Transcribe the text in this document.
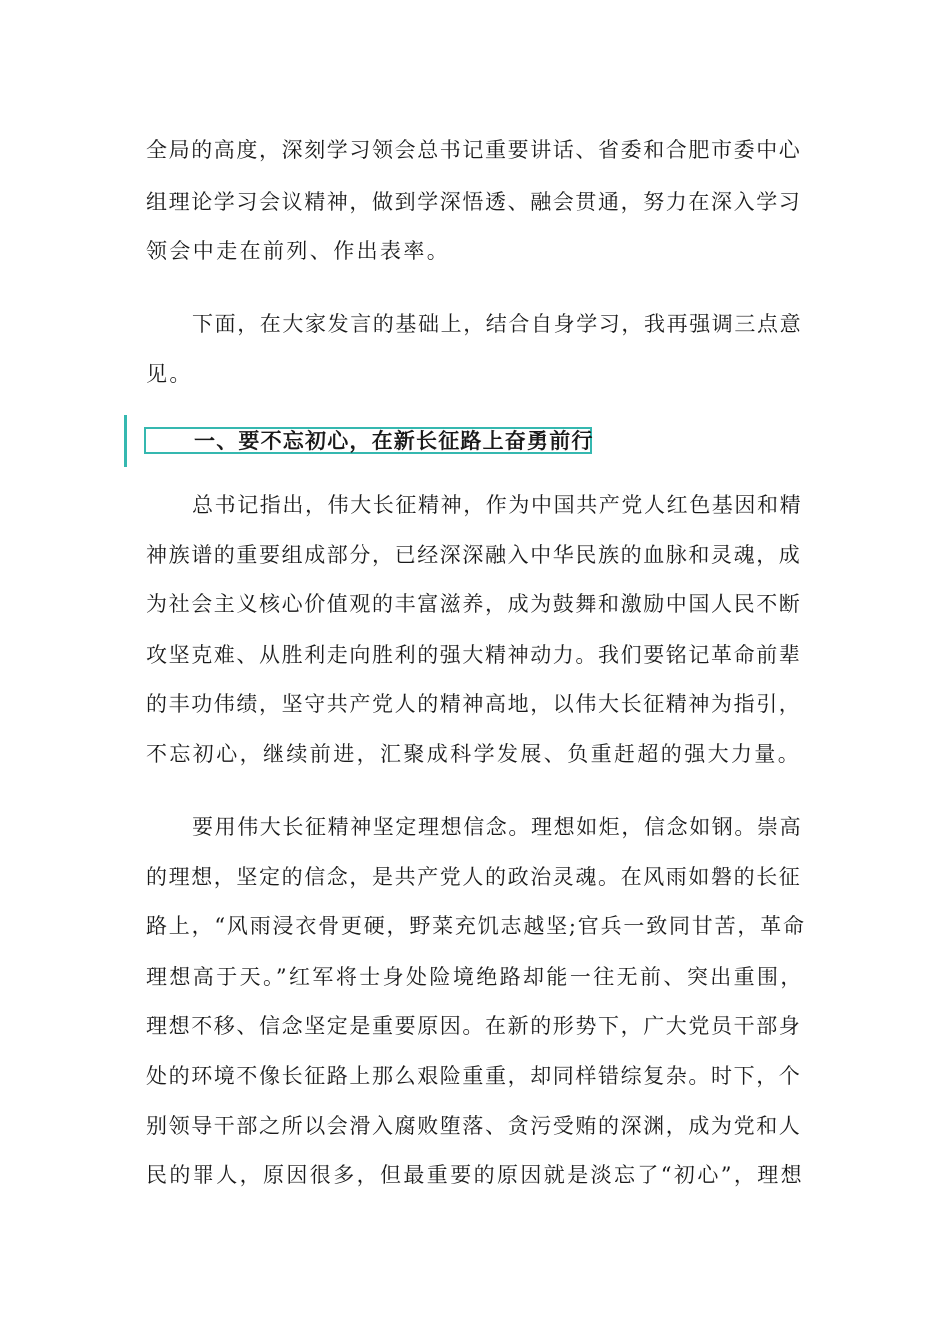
全局的高度，深刻学习领会总书记重要讲话、省委和合肥市委中心
组理论学习会议精神，做到学深悟透、融会贯通，努力在深入学习
领会中走在前列、作出表率。
下面，在大家发言的基础上，结合自身学习，我再强调三点意
见。
一、要不忘初心，在新长征路上奋勇前行
总书记指出，伟大长征精神，作为中国共产党人红色基因和精
神族谱的重要组成部分，已经深深融入中华民族的血脉和灵魂，成
为社会主义核心价值观的丰富滋养，成为鼓舞和激励中国人民不断
攻坚克难、从胜利走向胜利的强大精神动力。我们要铭记革命前辈
的丰功伟绩，坚守共产党人的精神高地，以伟大长征精神为指引，
不忘初心，继续前进，汇聚成科学发展、负重赶超的强大力量。
要用伟大长征精神坚定理想信念。理想如炬，信念如钢。崇高
的理想，坚定的信念，是共产党人的政治灵魂。在风雨如磐的长征
路上，“风雨浸衣骨更硬，野菜充饥志越坚;官兵一致同甘苦，革命
理想高于天。”红军将士身处险境绝路却能一往无前、突出重围，
理想不移、信念坚定是重要原因。在新的形势下，广大党员干部身
处的环境不像长征路上那么艰险重重，却同样错综复杂。时下，个
别领导干部之所以会滑入腐败堕落、贪污受贿的深渊，成为党和人
民的罪人，原因很多，但最重要的原因就是淡忘了“初心”，理想
